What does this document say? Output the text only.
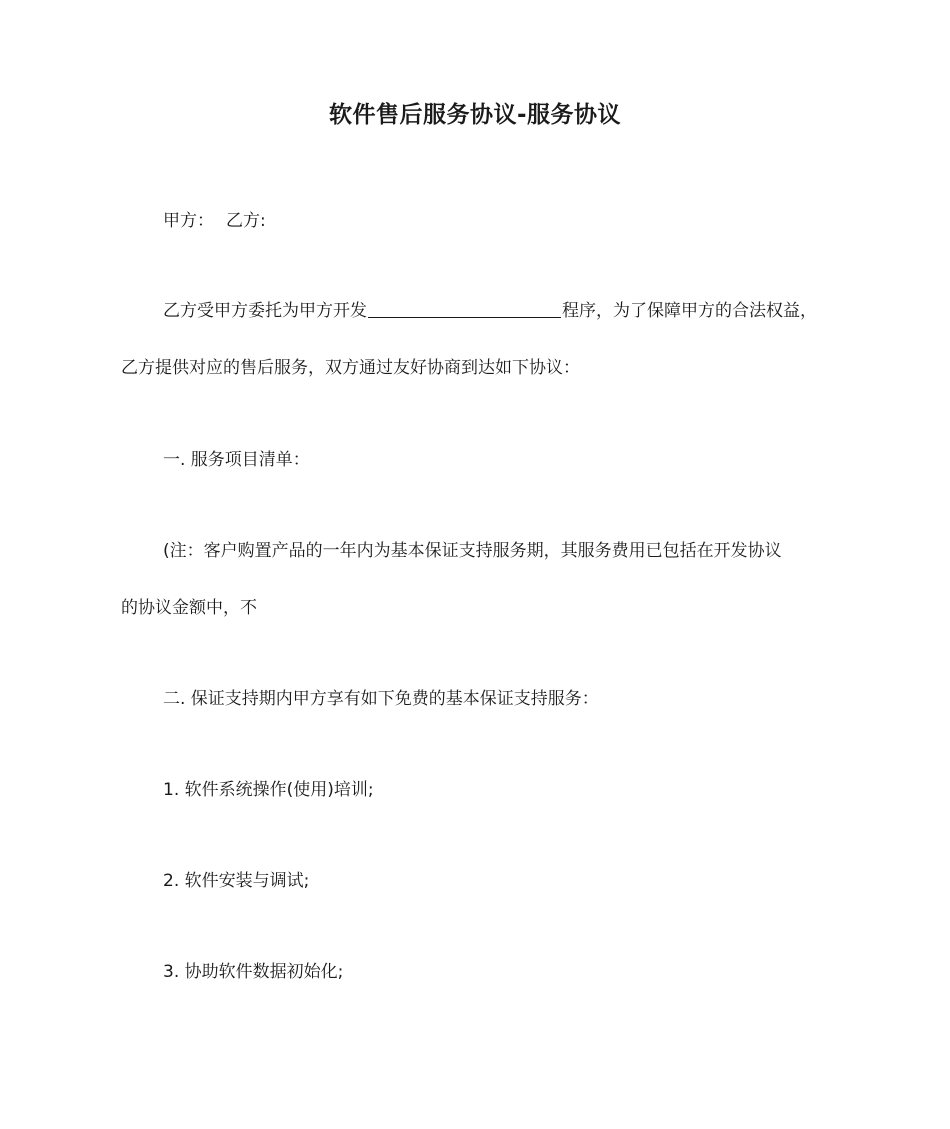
软件售后服务协议-服务协议
甲方： 乙方:
乙方受甲方委托为甲方开发	程序，为了保障甲方的合法权益，
乙方提供对应的售后服务，双方通过友好协商到达如下协议：
一. 服务项目清单：
(注：客户购置产品的一年内为基本保证支持服务期，其服务费用已包括在开发协议
的协议金额中，不
二. 保证支持期内甲方享有如下免费的基本保证支持服务：
1. 软件系统操作(使用)培训;
2. 软件安装与调试;
3. 协助软件数据初始化;
